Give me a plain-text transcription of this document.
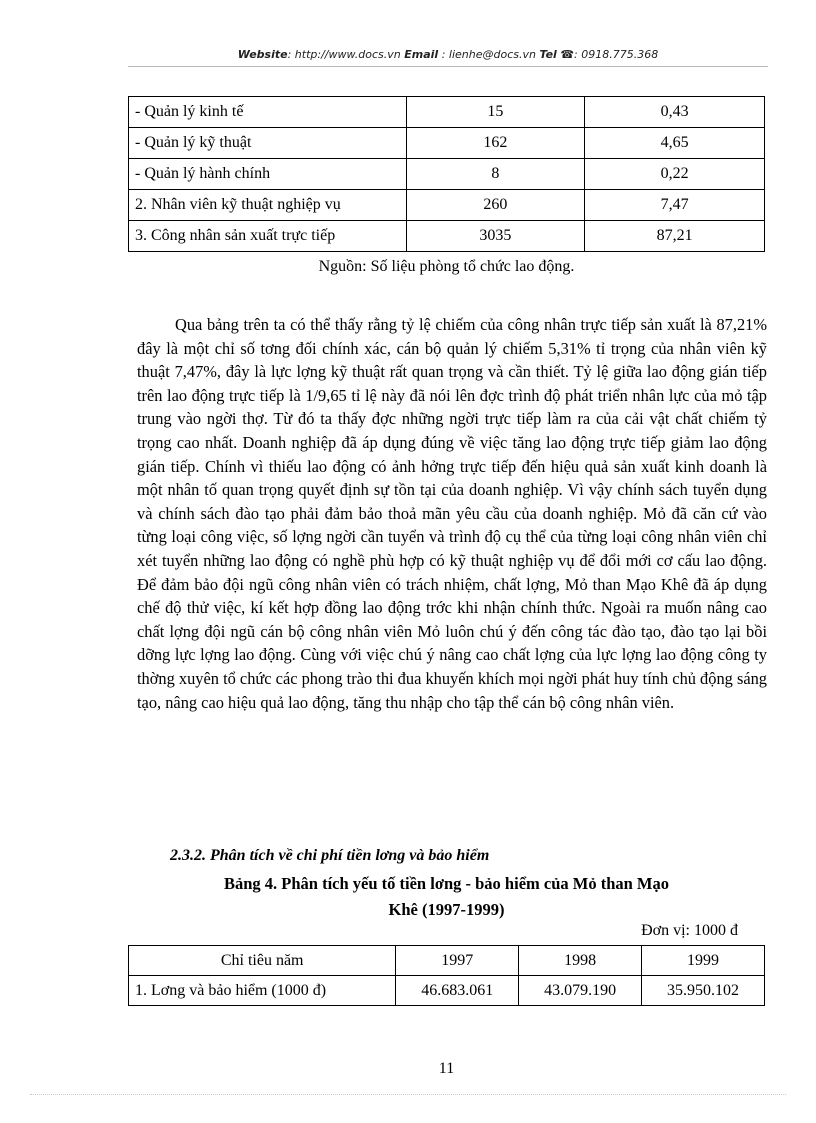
Website: http://www.docs.vn Email : lienhe@docs.vn Tel ☎: 0918.775.368
- Quản lý kinh tế	15	0,43
- Quản lý kỹ thuật	162	4,65
- Quản lý hành chính	8	0,22
2. Nhân viên kỹ thuật nghiệp vụ	260	7,47
3. Công nhân sản xuất trực tiếp	3035	87,21
Nguồn: Số liệu phòng tổ chức lao động.

Qua bảng trên ta có thể thấy rằng tỷ lệ chiếm của công nhân trực tiếp sản xuất là 87,21% đây là một chỉ số tơng đối chính xác, cán bộ quản lý chiếm 5,31% tỉ trọng của nhân viên kỹ thuật 7,47%, đây là lực lợng kỹ thuật rất quan trọng và cần thiết. Tỷ lệ giữa lao động gián tiếp trên lao động trực tiếp là 1/9,65 tỉ lệ này đã nói lên đợc trình độ phát triển nhân lực của mỏ tập trung vào ngời thợ. Từ đó ta thấy đợc những ngời trực tiếp làm ra của cải vật chất chiếm tỷ trọng cao nhất. Doanh nghiệp đã áp dụng đúng về việc tăng lao động trực tiếp giảm lao động gián tiếp. Chính vì thiếu lao động có ảnh hởng trực tiếp đến hiệu quả sản xuất kinh doanh là một nhân tố quan trọng quyết định sự tồn tại của doanh nghiệp. Vì vậy chính sách tuyển dụng và chính sách đào tạo phải đảm bảo thoả mãn yêu cầu của doanh nghiệp. Mỏ đã căn cứ vào từng loại công việc, số lợng ngời cần tuyển và trình độ cụ thể của từng loại công nhân viên chỉ xét tuyển những lao động có nghề phù hợp có kỹ thuật nghiệp vụ để đổi mới cơ cấu lao động. Để đảm bảo đội ngũ công nhân viên có trách nhiệm, chất lợng, Mỏ than Mạo Khê đã áp dụng chế độ thử việc, kí kết hợp đồng lao động trớc khi nhận chính thức. Ngoài ra muốn nâng cao chất lợng đội ngũ cán bộ công nhân viên Mỏ luôn chú ý đến công tác đào tạo, đào tạo lại bồi dỡng lực lợng lao động. Cùng với việc chú ý nâng cao chất lợng của lực lợng lao động công ty thờng xuyên tổ chức các phong trào thi đua khuyến khích mọi ngời phát huy tính chủ động sáng tạo, nâng cao hiệu quả lao động, tăng thu nhập cho tập thể cán bộ công nhân viên.

2.3.2. Phân tích về chi phí tiền lơng và bảo hiểm
Bảng 4. Phân tích yếu tố tiền lơng - bảo hiểm của Mỏ than Mạo
Khê (1997-1999)
Đơn vị: 1000 đ
Chỉ tiêu năm	1997	1998	1999
1. Lơng và bảo hiểm (1000 đ)	46.683.061	43.079.190	35.950.102
11
